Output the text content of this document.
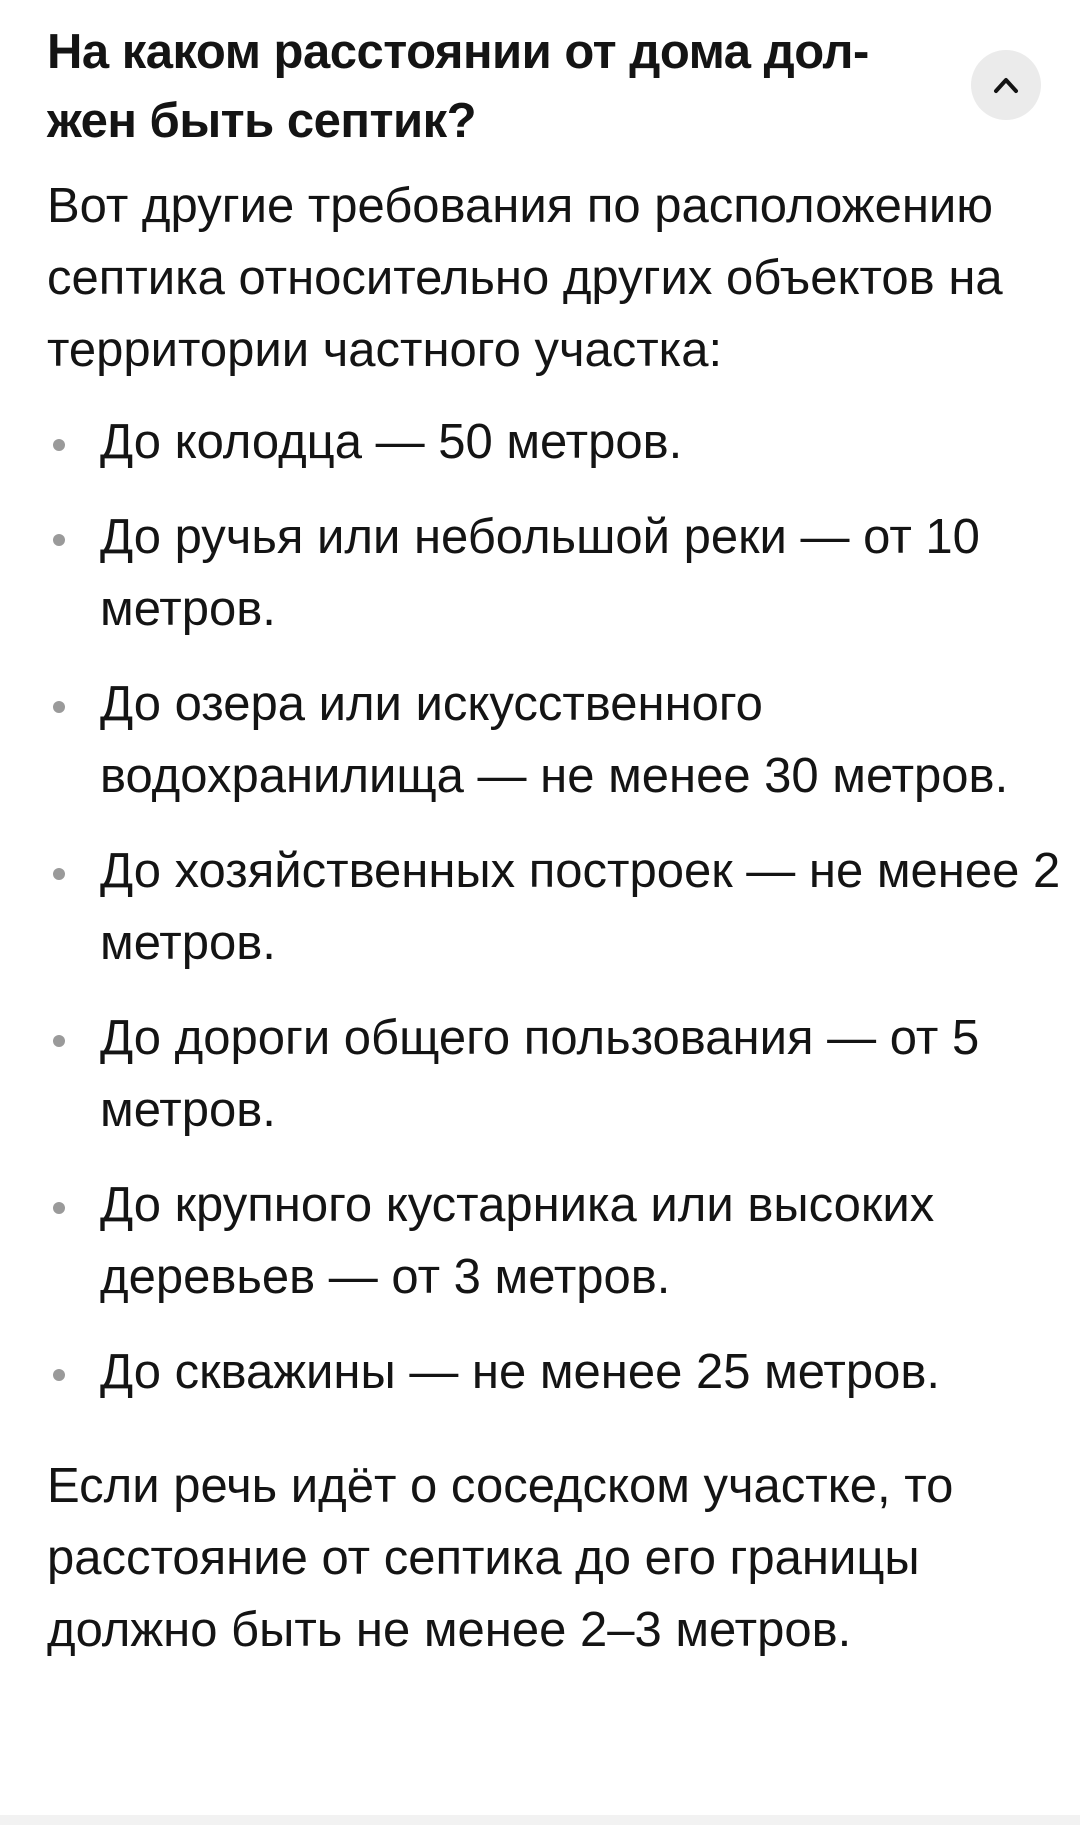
На каком расстоянии от дома дол-
жен быть септик?

Вот другие требования по расположению септика относительно других объектов на территории частного участка:

До колодца — 50 метров.
До ручья или небольшой реки — от 10 метров.
До озера или искусственного водохранилища — не менее 30 метров.
До хозяйственных построек — не менее 2 метров.
До дороги общего пользования — от 5 метров.
До крупного кустарника или высоких деревьев — от 3 метров.
До скважины — не менее 25 метров.

Если речь идёт о соседском участке, то расстояние от септика до его границы должно быть не менее 2–3 метров.
